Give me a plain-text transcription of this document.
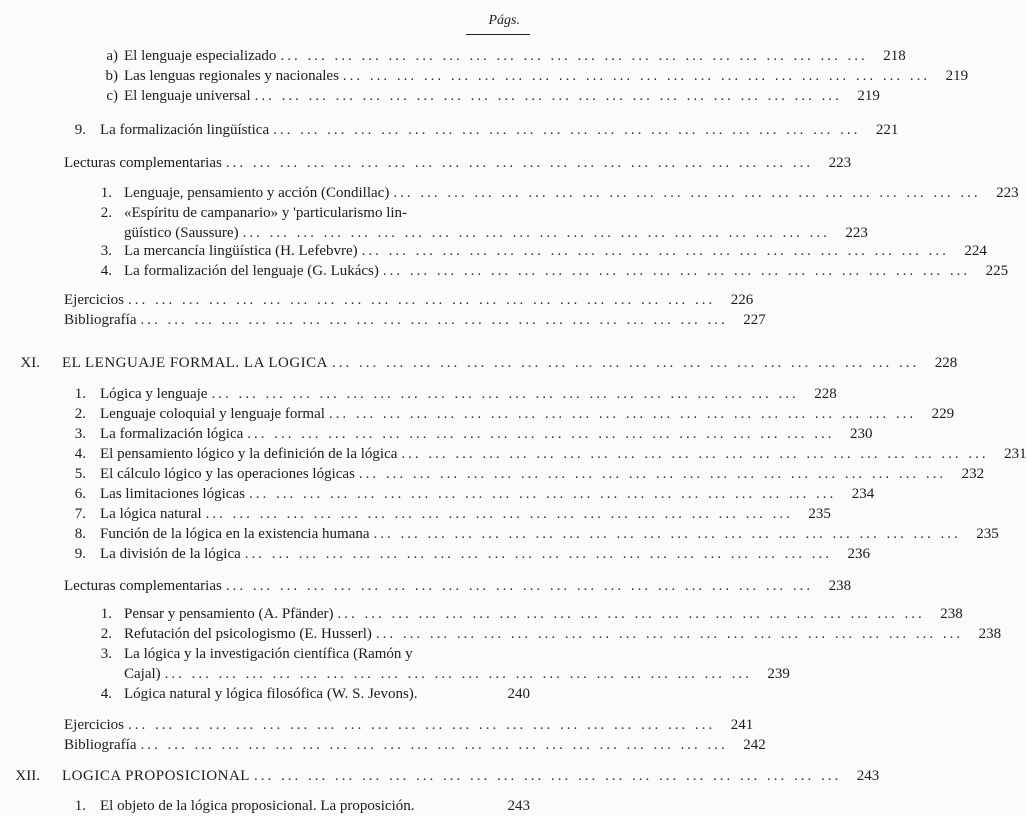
Págs.
a) El lenguaje especializado ... .	218
b) Las lenguas regionales y nacionales ... .	219
c) El lenguaje universal ... .	219
9. La formalización lingüística ... .	221
Lecturas complementarias ... .	223
1. Lenguaje, pensamiento y acción (Condillac) ... .	223
2. «Espíritu de campanario» y 'particularismo lin-
güístico (Saussure) ... .	223
3. La mercancía lingüística (H. Lefebvre) ... .	224
4. La formalización del lenguaje (G. Lukács) ... .	225
Ejercicios ... .	226
Bibliografía ... .	227
XI. EL LENGUAJE FORMAL. LA LOGICA ... .	228
1. Lógica y lenguaje ... .	228
2. Lenguaje coloquial y lenguaje formal ... .	229
3. La formalización lógica ... .	230
4. El pensamiento lógico y la definición de la lógica ... .	231
5. El cálculo lógico y las operaciones lógicas ... .	232
6. Las limitaciones lógicas ... .	234
7. La lógica natural ... .	235
8. Función de la lógica en la existencia humana ... .	235
9. La división de la lógica ... .	236
Lecturas complementarias ... .	238
1. Pensar y pensamiento (A. Pfänder) ... .	238
2. Refutación del psicologismo (E. Husserl) ... .	238
3. La lógica y la investigación científica (Ramón y
Cajal) ... .	239
4. Lógica natural y lógica filosófica (W. S. Jevons).	240
Ejercicios ... .	241
Bibliografía ... .	242
XII. LOGICA PROPOSICIONAL ... .	243
1. El objeto de la lógica proposicional. La proposición.	243
